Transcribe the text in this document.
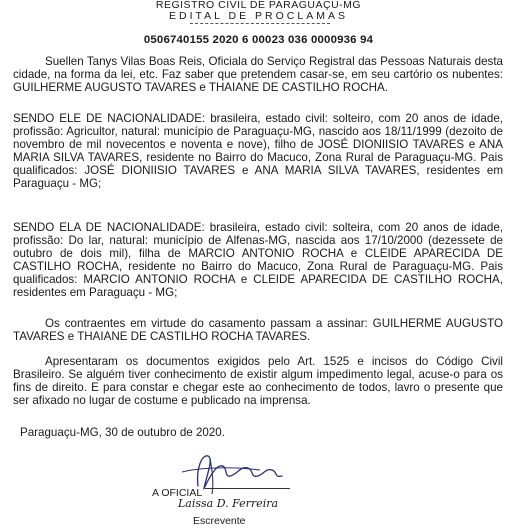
REGISTRO CIVIL DE PARAGUAÇU-MG
EDITAL DE PROCLAMAS
0506740155 2020 6 00023 036 0000936 94

Suellen Tanys Vilas Boas Reis, Oficiala do Serviço Registral das Pessoas Naturais desta cidade, na forma da lei, etc. Faz saber que pretendem casar-se, em seu cartório os nubentes: GUILHERME AUGUSTO TAVARES e THAIANE DE CASTILHO ROCHA.

SENDO ELE DE NACIONALIDADE: brasileira, estado civil: solteiro, com 20 anos de idade, profissão: Agricultor, natural: município de Paraguaçu-MG, nascido aos 18/11/1999 (dezoito de novembro de mil novecentos e noventa e nove), filho de JOSÉ DIONIISIO TAVARES e ANA MARIA SILVA TAVARES, residente no Bairro do Macuco, Zona Rural de Paraguaçu-MG. Pais qualificados: JOSÉ DIONIISIO TAVARES e ANA MARIA SILVA TAVARES, residentes em Paraguaçu - MG;

SENDO ELA DE NACIONALIDADE: brasileira, estado civil: solteira, com 20 anos de idade, profissão: Do lar, natural: município de Alfenas-MG, nascida aos 17/10/2000 (dezessete de outubro de dois mil), filha de MARCIO ANTONIO ROCHA e CLEIDE APARECIDA DE CASTILHO ROCHA, residente no Bairro do Macuco, Zona Rural de Paraguaçu-MG. Pais qualificados: MARCIO ANTONIO ROCHA e CLEIDE APARECIDA DE CASTILHO ROCHA, residentes em Paraguaçu - MG;

Os contraentes em virtude do casamento passam a assinar: GUILHERME AUGUSTO TAVARES e THAIANE DE CASTILHO ROCHA TAVARES.

Apresentaram os documentos exigidos pelo Art. 1525 e incisos do Código Civil Brasileiro. Se alguém tiver conhecimento de existir algum impedimento legal, acuse-o para os fins de direito. E para constar e chegar este ao conhecimento de todos, lavro o presente que ser afixado no lugar de costume e publicado na imprensa.

Paraguaçu-MG, 30 de outubro de 2020.
A OFICIAL
Laissa D. Ferreira
Escrevente
